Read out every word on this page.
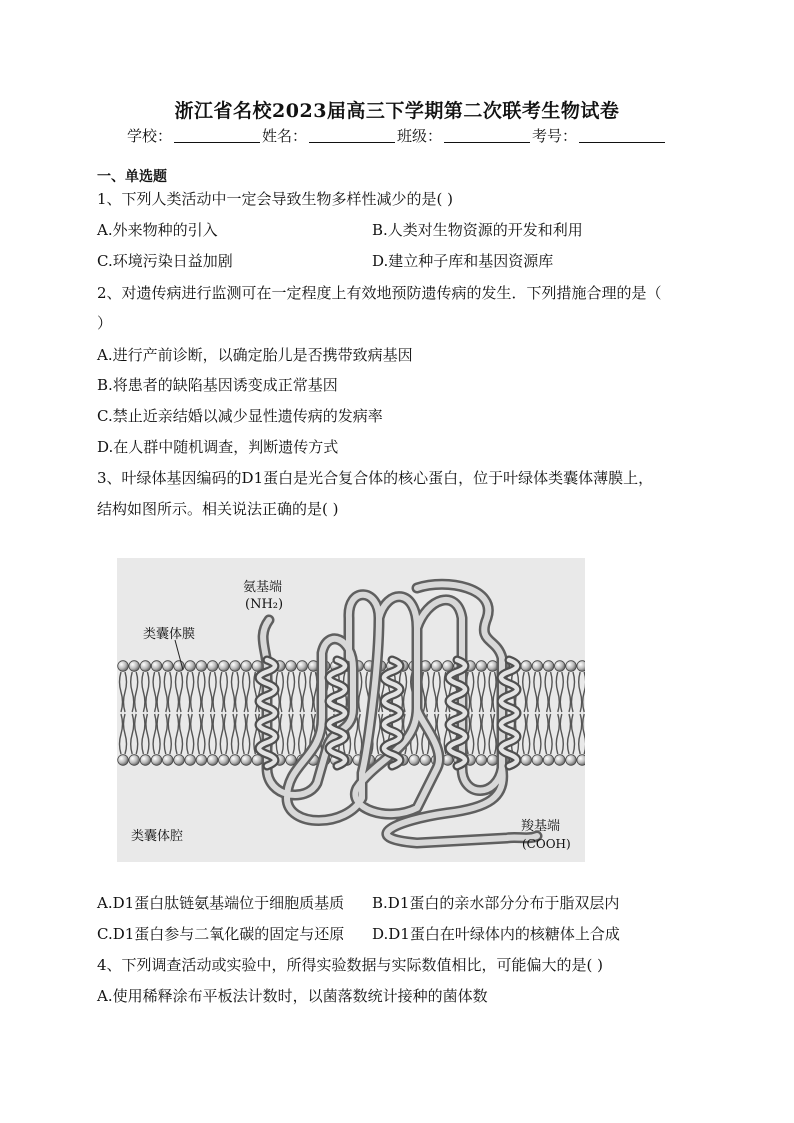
浙江省名校2023届高三下学期第二次联考生物试卷
学校：	姓名：	班级：	考号：
一、单选题
1、下列人类活动中一定会导致生物多样性减少的是( )
A.外来物种的引入	B.人类对生物资源的开发和利用
C.环境污染日益加剧	D.建立种子库和基因资源库
2、对遗传病进行监测可在一定程度上有效地预防遗传病的发生．下列措施合理的是（
）
A.进行产前诊断，以确定胎儿是否携带致病基因
B.将患者的缺陷基因诱变成正常基因
C.禁止近亲结婚以减少显性遗传病的发病率
D.在人群中随机调查，判断遗传方式
3、叶绿体基因编码的D1蛋白是光合复合体的核心蛋白，位于叶绿体类囊体薄膜上，
结构如图所示。相关说法正确的是( )
氨基端
(NH₂)
类囊体膜
类囊体腔
羧基端
(COOH)
A.D1蛋白肽链氨基端位于细胞质基质 B.D1蛋白的亲水部分分布于脂双层内
C.D1蛋白参与二氧化碳的固定与还原 D.D1蛋白在叶绿体内的核糖体上合成
4、下列调查活动或实验中，所得实验数据与实际数值相比，可能偏大的是( )
A.使用稀释涂布平板法计数时，以菌落数统计接种的菌体数
